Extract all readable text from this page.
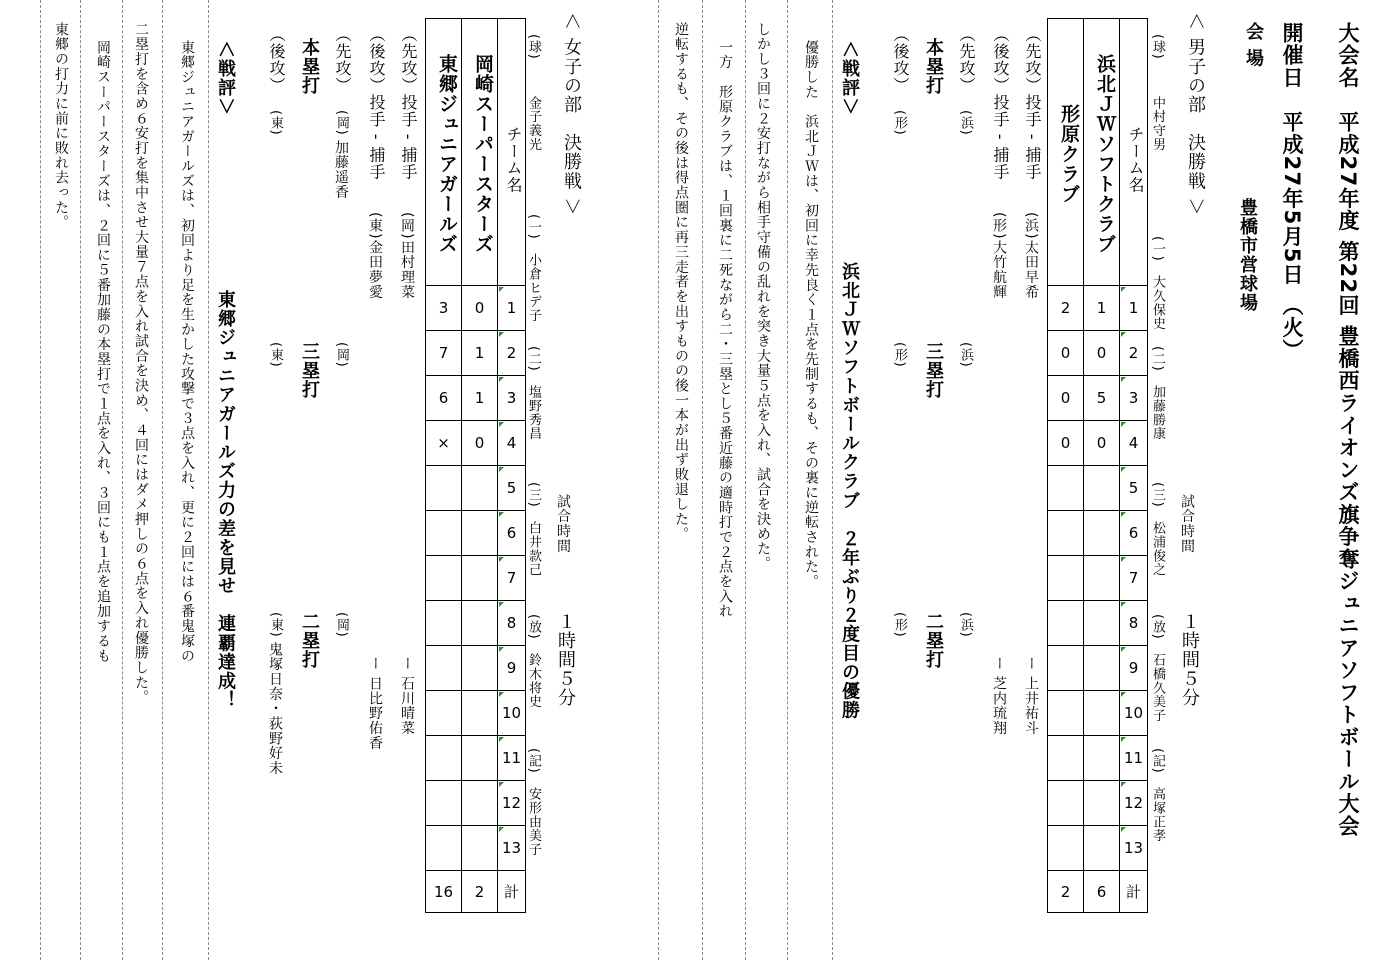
大会名　平成27年度 第22回 豊橋西ライオンズ旗争奪ジュニアソフトボール大会
開催日　平成27年5月5日 （火）
会 場
豊橋市営球場
＜ 男子の部　決勝戦 ＞
(球)

中村守男
(一)　大久保史
(二)　加藤勝康
(三)　松浦俊之
(放)　石橋久美子
(記)　高塚正孝
試合時間
１時間５分
形原クラブ	浜北ＪＷソフトクラブ	チーム名
2	1	1
0	0	2
0	5	3
0	0	4
		5
		6
		7
		8
		9
		10
		11
		12
		13
2	6	計
（先攻）投手 - 捕手
(浜)
太田早希
ー 上井祐斗
（後攻）投手 - 捕手
(形)
大竹航輝
ー 芝内琉翔
（先攻）
(浜)
(浜)
(浜)
本塁打
三塁打
二塁打
（後攻）
(形)
(形)
(形)
＜戦評＞
浜北ＪＷソフトボールクラブ　２年ぶり２度目の優勝
優勝した　浜北ＪＷは、初回に幸先良く１点を先制するも、その裏に逆転された。
しかし３回に２安打ながら相手守備の乱れを突き大量５点を入れ、試合を決めた。
一方　形原クラブは、１回裏に二死ながら二・三塁とし５番近藤の適時打で２点を入れ
逆転するも、その後は得点圏に再三走者を出すものの後一本が出ず敗退した。
＜ 女子の部　決勝戦 ＞
(球)
金子義光
(一)　小倉ヒデ子
(二)　塩野秀昌
(三)　白井款己
(放)　鈴木将史
(記)　安形由美子
試合時間
１時間５分
東郷ジュニアガールズ	岡崎スーパースターズ	チーム名
3	0	1
7	1	2
6	1	3
×	0	4
		5
		6
		7
		8
		9
		10
		11
		12
		13
16	2	計
（先攻）投手 - 捕手
(岡)
田村理菜
ー 石川晴菜
（後攻）投手 - 捕手
(東)
金田夢愛
ー 日比野佑香
（先攻）
(岡)
加藤遥香
(岡)
(岡)
本塁打
三塁打
二塁打
（後攻）
(東)
(東)
(東)
鬼塚日奈・荻野好未
＜戦評＞
東郷ジュニアガールズ力の差を見せ　連覇達成！
東郷ジュニアガールズは、初回より足を生かした攻撃で３点を入れ、更に２回には６番鬼塚の
二塁打を含め６安打を集中させ大量７点を入れ試合を決め、４回にはダメ押しの６点を入れ優勝した。
岡崎スーパースターズは、２回に５番加藤の本塁打で１点を入れ、３回にも１点を追加するも
東郷の打力に前に敗れ去った。
